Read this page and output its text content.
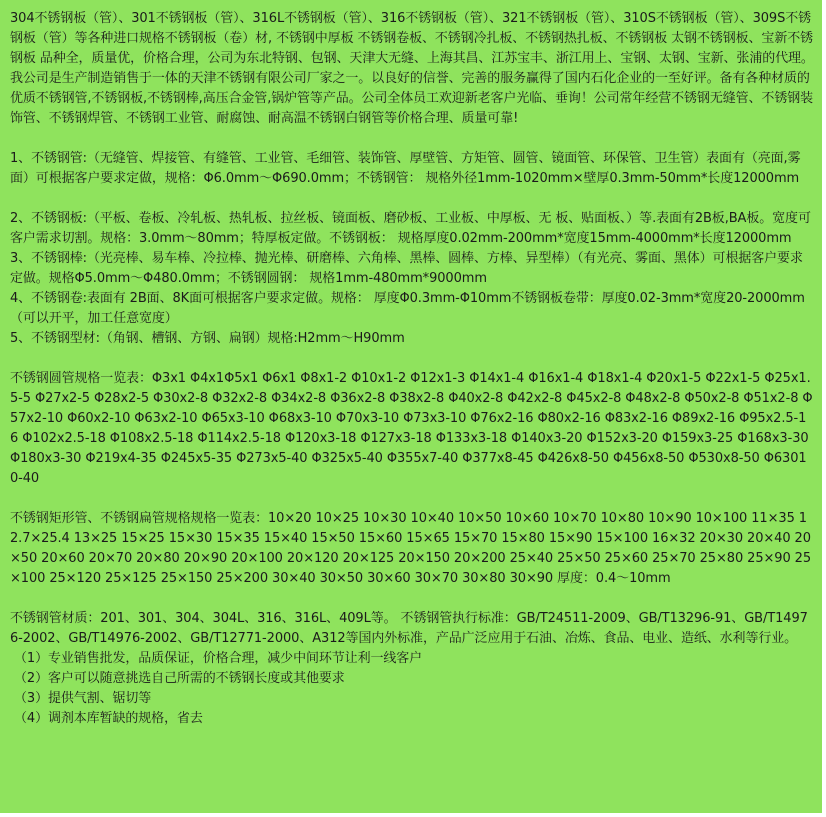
304不锈钢板（管）、301不锈钢板（管）、316L不锈钢板（管）、316不锈钢板（管）、321不锈钢板（管）、310S不锈钢板（管）、309S不锈钢板（管）等各种进口规格不锈钢板（卷）材, 不锈钢中厚板 不锈钢卷板、不锈钢冷扎板、不锈钢热扎板、不锈钢板 太钢不锈钢板、宝新不锈钢板 品种全，质量优，价格合理，公司为东北特钢、包钢、天津大无缝、上海其昌、江苏宝丰、浙江用上、宝钢、太钢、宝新、张浦的代理。 我公司是生产制造销售于一体的天津不锈钢有限公司厂家之一。以良好的信誉、完善的服务赢得了国内石化企业的一至好评。备有各种材质的优质不锈钢管,不锈钢板,不锈钢棒,高压合金管,锅炉管等产品。公司全体员工欢迎新老客户光临、垂询！公司常年经营不锈钢无缝管、不锈钢装饰管、不锈钢焊管、不锈钢工业管、耐腐蚀、耐高温不锈钢白钢管等价格合理、质量可靠!

1、不锈钢管:（无缝管、焊接管、有缝管、工业管、毛细管、装饰管、厚壁管、方矩管、圆管、镜面管、环保管、卫生管）表面有（亮面,雾面）可根据客户要求定做，规格：Φ6.0mm～Φ690.0mm；不锈钢管： 规格外径1mm-1020mm×壁厚0.3mm-50mm*长度12000mm

2、不锈钢板:（平板、卷板、冷轧板、热轧板、拉丝板、镜面板、磨砂板、工业板、中厚板、无 板、贴面板、）等.表面有2B板,BA板。宽度可客户需求切割。规格：3.0mm～80mm；特厚板定做。不锈钢板： 规格厚度0.02mm-200mm*宽度15mm-4000mm*长度12000mm

3、不锈钢棒:（光亮棒、易车棒、冷拉棒、抛光棒、研磨棒、六角棒、黑棒、圆棒、方棒、异型棒）（有光亮、雾面、黑体）可根据客户要求定做。规格Φ5.0mm～Φ480.0mm；不锈钢圆钢： 规格1mm-480mm*9000mm

4、不锈钢卷:表面有 2B面、8K面可根据客户要求定做。规格： 厚度Φ0.3mm-Φ10mm不锈钢板卷带：厚度0.02-3mm*宽度20-2000mm（可以开平，加工任意宽度）

5、不锈钢型材:（角钢、槽钢、方钢、扁钢）规格:H2mm～H90mm

不锈钢圆管规格一览表：Φ3x1 Φ4x1Φ5x1 Φ6x1 Φ8x1-2 Φ10x1-2 Φ12x1-3 Φ14x1-4 Φ16x1-4 Φ18x1-4 Φ20x1-5 Φ22x1-5 Φ25x1.5-5 Φ27x2-5 Φ28x2-5 Φ30x2-8 Φ32x2-8 Φ34x2-8 Φ36x2-8 Φ38x2-8 Φ40x2-8 Φ42x2-8 Φ45x2-8 Φ48x2-8 Φ50x2-8 Φ51x2-8 Φ57x2-10 Φ60x2-10 Φ63x2-10 Φ65x3-10 Φ68x3-10 Φ70x3-10 Φ73x3-10 Φ76x2-16 Φ80x2-16 Φ83x2-16 Φ89x2-16 Φ95x2.5-16 Φ102x2.5-18 Φ108x2.5-18 Φ114x2.5-18 Φ120x3-18 Φ127x3-18 Φ133x3-18 Φ140x3-20 Φ152x3-20 Φ159x3-25 Φ168x3-30 Φ180x3-30 Φ219x4-35 Φ245x5-35 Φ273x5-40 Φ325x5-40 Φ355x7-40 Φ377x8-45 Φ426x8-50 Φ456x8-50 Φ530x8-50 Φ63010-40

不锈钢矩形管、不锈钢扁管规格规格一览表：10×20 10×25 10×30 10×40 10×50 10×60 10×70 10×80 10×90 10×100 11×35 12.7×25.4 13×25 15×25 15×30 15×35 15×40 15×50 15×60 15×65 15×70 15×80 15×90 15×100 16×32 20×30 20×40 20×50 20×60 20×70 20×80 20×90 20×100 20×120 20×125 20×150 20×200 25×40 25×50 25×60 25×70 25×80 25×90 25×100 25×120 25×125 25×150 25×200 30×40 30×50 30×60 30×70 30×80 30×90 厚度：0.4～10mm

不锈钢管材质：201、301、304、304L、316、316L、409L等。 不锈钢管执行标准：GB/T24511-2009、GB/T13296-91、GB/T14976-2002、GB/T14976-2002、GB/T12771-2000、A312等国内外标准，产品广泛应用于石油、冶炼、食品、电业、造纸、水利等行业。

（1）专业销售批发，品质保证，价格合理，减少中间环节让利一线客户

（2）客户可以随意挑选自己所需的不锈钢长度或其他要求

（3）提供气割、锯切等

（4）调剂本库暂缺的规格，省去
